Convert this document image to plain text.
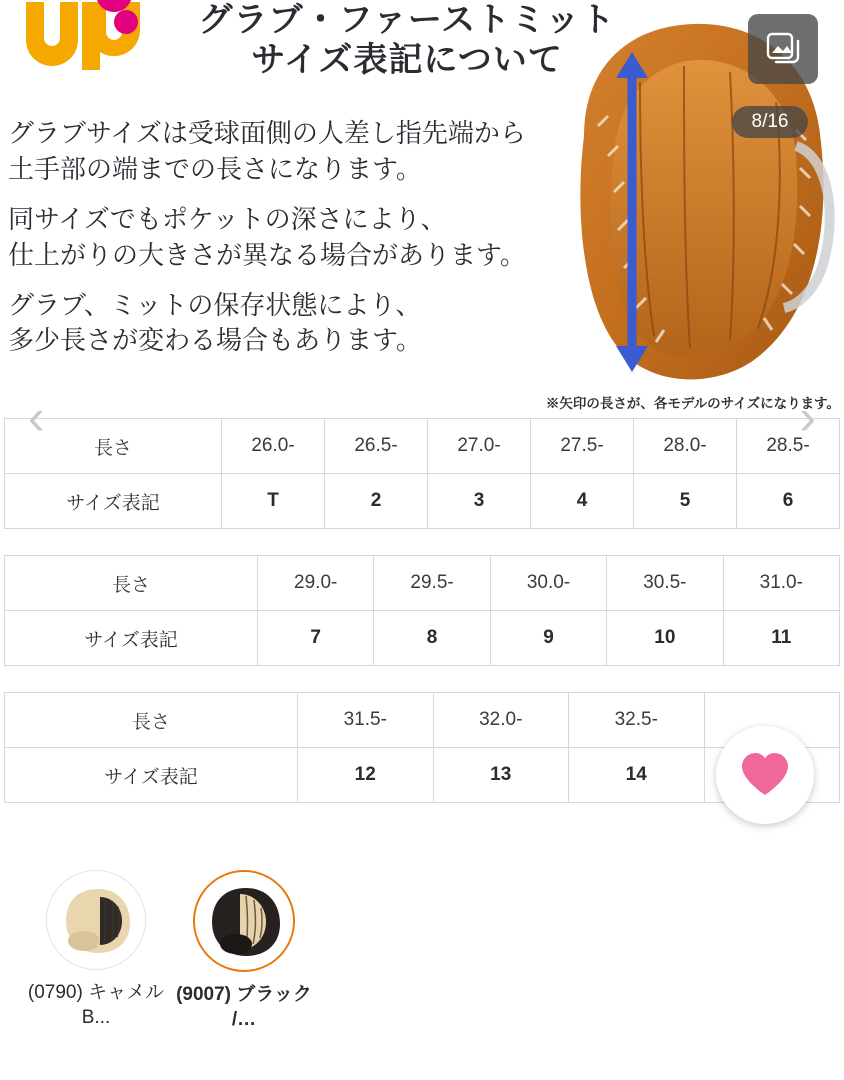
グラブ・ファーストミット
サイズ表記について

グラブサイズは受球面側の人差し指先端から
土手部の端までの長さになります。

同サイズでもポケットの深さにより、
仕上がりの大きさが異なる場合があります。

グラブ、ミットの保存状態により、
多少長さが変わる場合もあります。

※矢印の長さが、各モデルのサイズになります。
長さ	26.0-	26.5-	27.0-	27.5-	28.0-	28.5-
サイズ表記	T	2	3	4	5	6
長さ	29.0-	29.5-	30.0-	30.5-	31.0-
サイズ表記	7	8	9	10	11
長さ	31.5-	32.0-	32.5-	
サイズ表記	12	13	14	
‹	›
8/16
(0790) キャメル B...
(9007) ブラック /…
